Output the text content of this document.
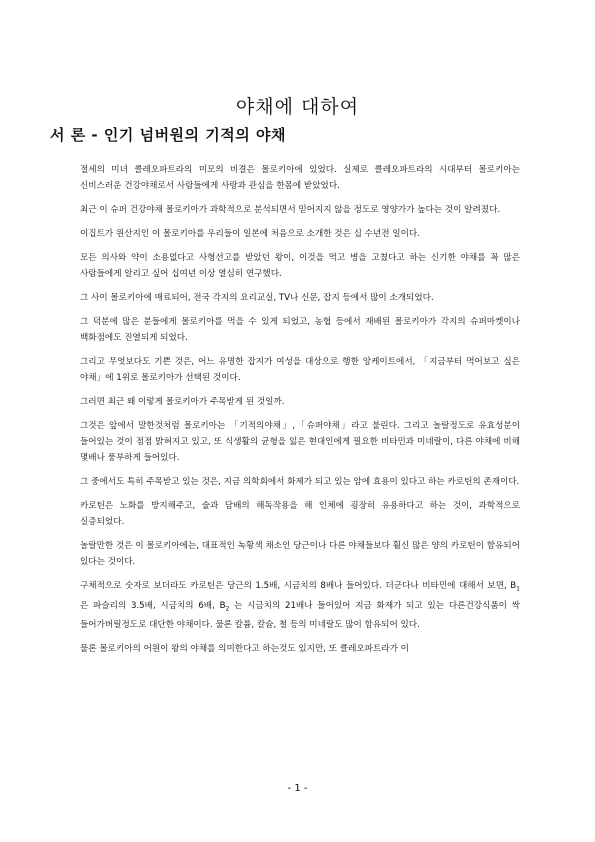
야채에 대하여
서 론 - 인기 넘버원의 기적의 야채

절세의 미녀 클레오파트라의 미모의 비결은 몰로키아에 있었다. 실제로 클레오파트라의 시대부터 몰로키아는 신비스러운 건강야채로서 사람들에게 사랑과 관심을 한몸에 받았었다.

최근 이 슈퍼 건강야채 몰로키아가 과학적으로 분석되면서 믿어지지 않을 정도로 영양가가 높다는 것이 알려졌다.

이집트가 원산지인 이 몰로키아를 우리들이 일본에 처음으로 소개한 것은 십 수년전 일이다.

모든 의사와 약이 소용없다고 사형선고를 받았던 왕이, 이것을 먹고 병을 고쳤다고 하는 신기한 야채를 꼭 많은 사람들에게 알리고 싶어 십여년 이상 열심히 연구했다.

그 사이 몰로키아에 매료되어, 전국 각지의 요리교실, TV나 신문, 잡지 등에서 많이 소개되었다.

그 덕분에 많은 분들에게 몰로키아를 먹을 수 있게 되었고, 농협 등에서 재배된 몰로키아가 각지의 슈퍼마켓이나 백화점에도 진열되게 되었다.

그리고 무엇보다도 기쁜 것은, 어느 유명한 잡지가 여성을 대상으로 행한 앙케이트에서, 「지금부터 먹어보고 싶은 야채」에 1위로 몰로키아가 선택된 것이다.

그러면 최근 왜 이렇게 몰로키아가 주목받게 된 것일까.

그것은 앞에서 말한것처럼 몰로키아는 「기적의야채」,「슈퍼야채」라고 불린다. 그리고 놀랄정도로 유효성분이 들어있는 것이 점점 밝혀지고 있고, 또 식생활의 균형을 잃은 현대인에게 필요한 비타민과 미네랄이, 다른 야채에 비해 몇배나 풍부하게 들어있다.

그 중에서도 특히 주목받고 있는 것은, 지금 의학회에서 화제가 되고 있는 암에 효용이 있다고 하는 카로틴의 존재이다.

카로틴은 노화를 방지해주고, 술과 담배의 해독작용을 해 인체에 굉장히 유용하다고 하는 것이, 과학적으로 실증되었다.

놀랄만한 것은 이 몰로키아에는, 대표적인 녹황색 채소인 당근이나 다른 야채들보다 훨신 많은 양의 카로틴이 함유되어 있다는 것이다.

구체적으로 숫자로 보더라도 카로틴은 당근의 1.5배, 시금치의 8배나 들어있다. 더군다나 비타민에 대해서 보면, $B_1$ 은 파슬리의 3.5배, 시금치의 6배, $B_2$ 는 시금치의 21배나 들어있어 지금 화제가 되고 있는 다른건강식품이 싹 들어가버릴정도로 대단한 야채이다. 물론 칼륨, 칼슘, 철 등의 미네랄도 많이 함유되어 있다.

물론 몰로키아의 어원이 왕의 야채를 의미한다고 하는것도 있지만, 또 클레오파트라가 이

- 1 -
